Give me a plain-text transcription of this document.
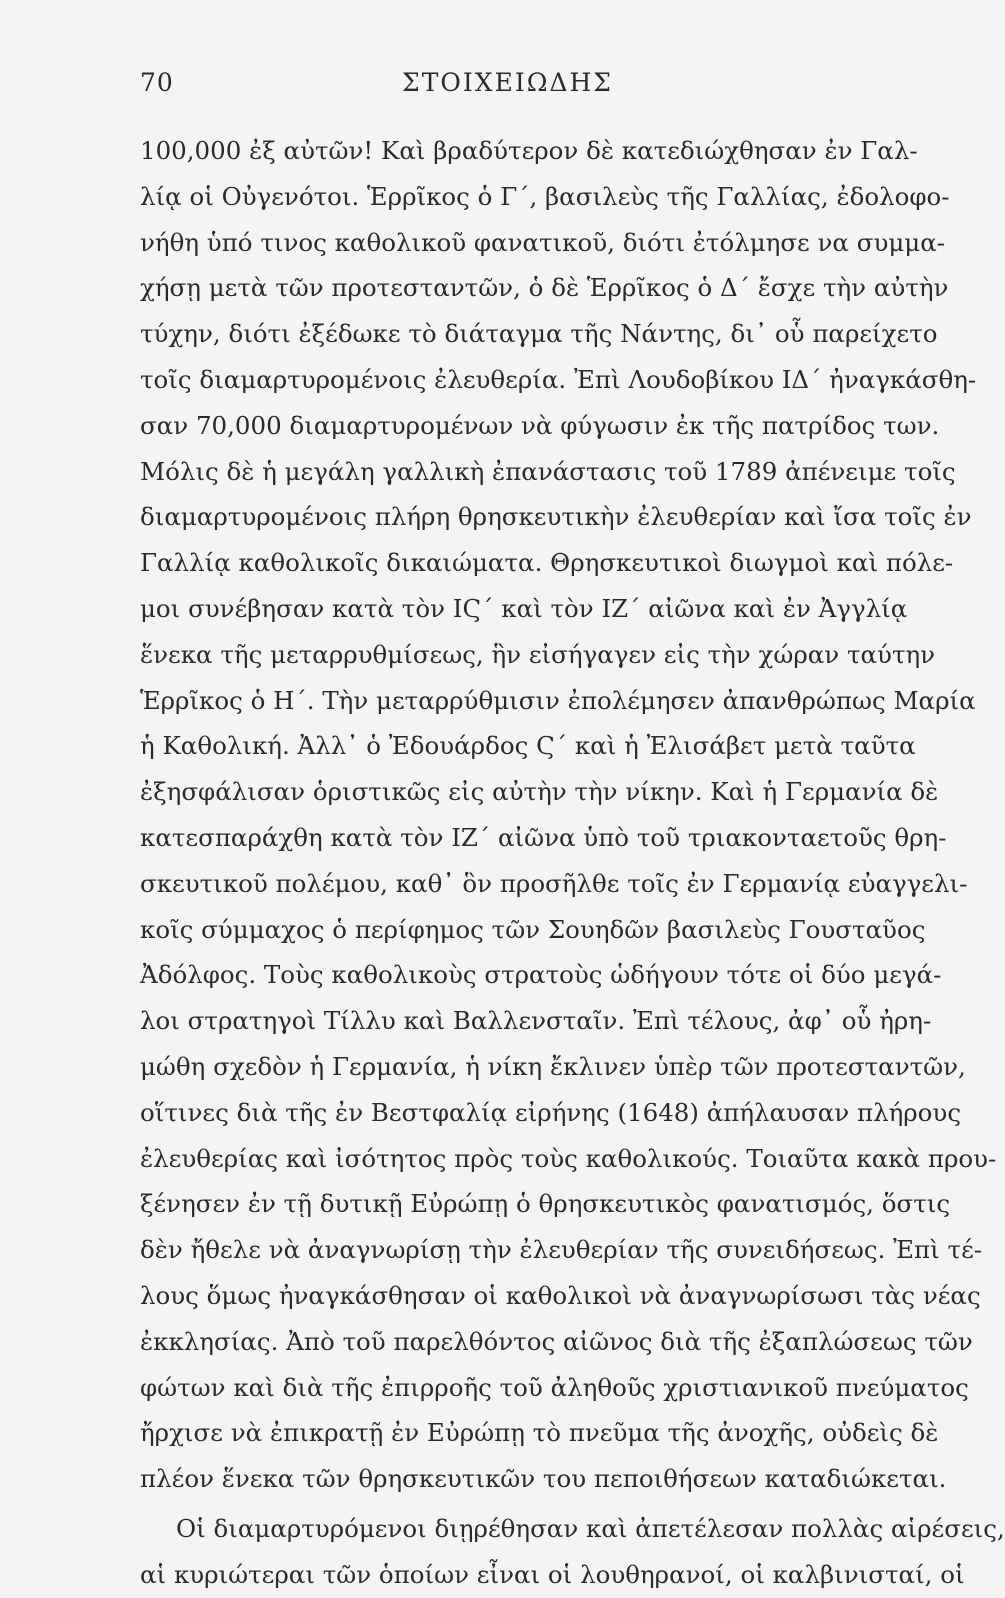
70	ΣΤΟΙΧΕΙΩΔΗΣ
100,000 ἐξ αὐτῶν! Καὶ βραδύτερον δὲ κατεδιώχθησαν ἐν Γαλ-
λίᾳ οἱ Οὐγενότοι. Ἑρρῖκος ὁ Γ΄, βασιλεὺς τῆς Γαλλίας, ἐδολοφο-
νήθη ὑπό τινος καθολικοῦ φανατικοῦ, διότι ἐτόλμησε να συμμα-
χήσῃ μετὰ τῶν προτεσταντῶν, ὁ δὲ Ἑρρῖκος ὁ Δ΄ ἔσχε τὴν αὐτὴν
τύχην, διότι ἐξέδωκε τὸ διάταγμα τῆς Νάντης, δι᾽ οὗ παρείχετο
τοῖς διαμαρτυρομένοις ἐλευθερία. Ἐπὶ Λουδοβίκου ΙΔ΄ ἠναγκάσθη-
σαν 70,000 διαμαρτυρομένων νὰ φύγωσιν ἐκ τῆς πατρίδος των.
Μόλις δὲ ἡ μεγάλη γαλλικὴ ἐπανάστασις τοῦ 1789 ἀπένειμε τοῖς
διαμαρτυρομένοις πλήρη θρησκευτικὴν ἐλευθερίαν καὶ ἴσα τοῖς ἐν
Γαλλίᾳ καθολικοῖς δικαιώματα. Θρησκευτικοὶ διωγμοὶ καὶ πόλε-
μοι συνέβησαν κατὰ τὸν ΙϚ΄ καὶ τὸν ΙΖ΄ αἰῶνα καὶ ἐν Ἀγγλίᾳ
ἕνεκα τῆς μεταρρυθμίσεως, ἣν εἰσήγαγεν εἰς τὴν χώραν ταύτην
Ἑρρῖκος ὁ Η΄. Τὴν μεταρρύθμισιν ἐπολέμησεν ἀπανθρώπως Μαρία
ἡ Καθολική. Ἀλλ᾽ ὁ Ἐδουάρδος Ϛ΄ καὶ ἡ Ἐλισάβετ μετὰ ταῦτα
ἐξησφάλισαν ὁριστικῶς εἰς αὐτὴν τὴν νίκην. Καὶ ἡ Γερμανία δὲ
κατεσπαράχθη κατὰ τὸν ΙΖ΄ αἰῶνα ὑπὸ τοῦ τριακονταετοῦς θρη-
σκευτικοῦ πολέμου, καθ᾽ ὃν προσῆλθε τοῖς ἐν Γερμανίᾳ εὐαγγελι-
κοῖς σύμμαχος ὁ περίφημος τῶν Σουηδῶν βασιλεὺς Γουσταῦος
Ἀδόλφος. Τοὺς καθολικοὺς στρατοὺς ὡδήγουν τότε οἱ δύο μεγά-
λοι στρατηγοὶ Τίλλυ καὶ Βαλλενσταῖν. Ἐπὶ τέλους, ἀφ᾽ οὗ ἠρη-
μώθη σχεδὸν ἡ Γερμανία, ἡ νίκη ἔκλινεν ὑπὲρ τῶν προτεσταντῶν,
οἵτινες διὰ τῆς ἐν Βεστφαλίᾳ εἰρήνης (1648) ἀπήλαυσαν πλήρους
ἐλευθερίας καὶ ἰσότητος πρὸς τοὺς καθολικούς. Τοιαῦτα κακὰ πρου-
ξένησεν ἐν τῇ δυτικῇ Εὐρώπῃ ὁ θρησκευτικὸς φανατισμός, ὅστις
δὲν ἤθελε νὰ ἀναγνωρίσῃ τὴν ἐλευθερίαν τῆς συνειδήσεως. Ἐπὶ τέ-
λους ὅμως ἠναγκάσθησαν οἱ καθολικοὶ νὰ ἀναγνωρίσωσι τὰς νέας
ἐκκλησίας. Ἀπὸ τοῦ παρελθόντος αἰῶνος διὰ τῆς ἐξαπλώσεως τῶν
φώτων καὶ διὰ τῆς ἐπιρροῆς τοῦ ἀληθοῦς χριστιανικοῦ πνεύματος
ἤρχισε νὰ ἐπικρατῇ ἐν Εὐρώπῃ τὸ πνεῦμα τῆς ἀνοχῆς, οὐδεὶς δὲ
πλέον ἕνεκα τῶν θρησκευτικῶν του πεποιθήσεων καταδιώκεται.
Οἱ διαμαρτυρόμενοι διῃρέθησαν καὶ ἀπετέλεσαν πολλὰς αἱρέσεις,
αἱ κυριώτεραι τῶν ὁποίων εἶναι οἱ λουθηρανοί, οἱ καλβινισταί, οἱ
